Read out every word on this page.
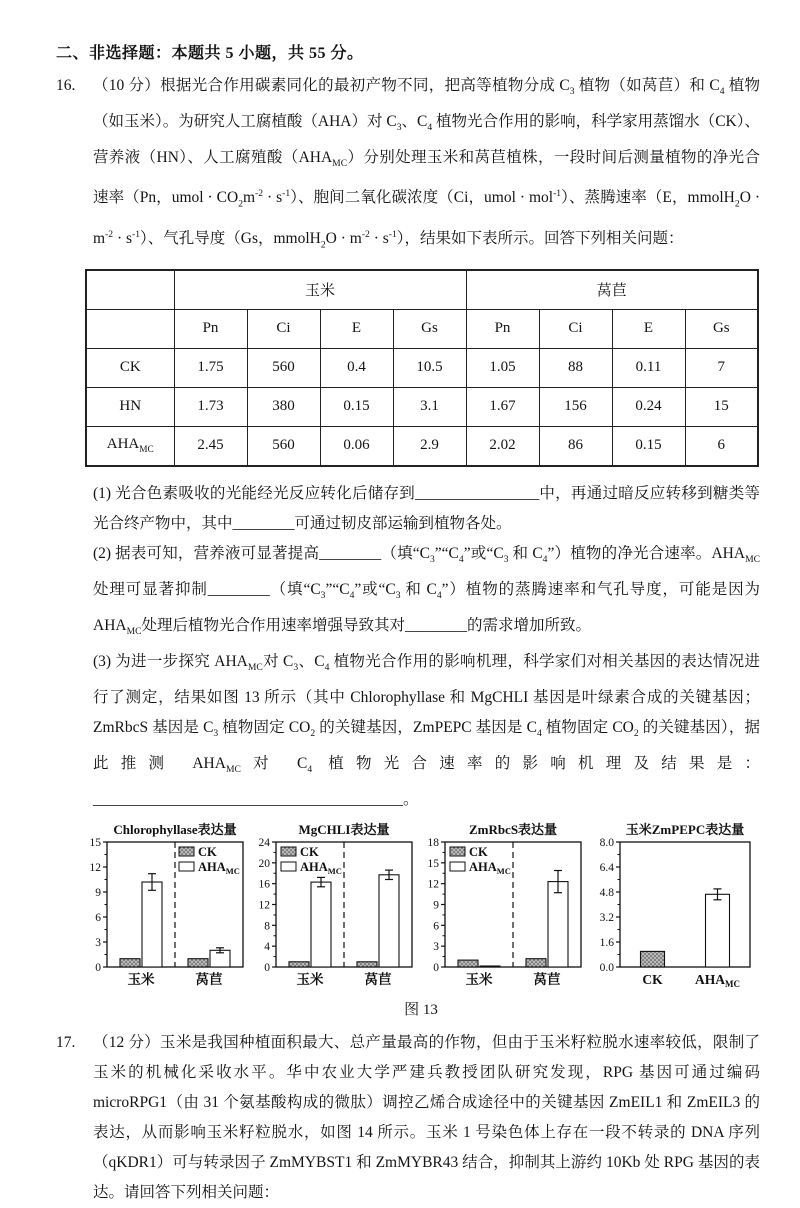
二、非选择题：本题共 5 小题，共 55 分。
16. （10 分）根据光合作用碳素同化的最初产物不同，把高等植物分成 $C_3$ 植物（如莴苣）和 $C_4$ 植物（如玉米）。为研究人工腐植酸（AHA）对 $C_3$、$C_4$ 植物光合作用的影响，科学家用蒸馏水（CK）、营养液（HN）、人工腐殖酸$(AHA_{MC})$分别处理玉米和莴苣植株，一段时间后测量植物的净光合速率（Pn，umol · $CO_2m^{-2} \cdot s^{-1}$）、胞间二氧化碳浓度（Ci，umol · mol$^{-1}$）、蒸腾速率（E，mmolH$_2$O · $m^{-2} \cdot s^{-1}$）、气孔导度（Gs，mmolH$_2$O · $m^{-2} \cdot s^{-1}$），结果如下表所示。回答下列相关问题：
	玉米				莴苣			
	Pn	Ci	E	Gs	Pn	Ci	E	Gs
CK	1.75	560	0.4	10.5	1.05	88	0.11	7
HN	1.73	380	0.15	3.1	1.67	156	0.24	15
$AHA_{MC}$	2.45	560	0.06	2.9	2.02	86	0.15	6
(1) 光合色素吸收的光能经光反应转化后储存到________________中，再通过暗反应转移到糖类等光合终产物中，其中________可通过韧皮部运输到植物各处。
(2) 据表可知，营养液可显著提高________（填“$C_3”“C_4$”或“$C_3$ 和 $C_4$”）植物的净光合速率。$AHA_{MC}$处理可显著抑制________（填“$C_3”“C_4$”或“$C_3$ 和 $C_4$”）植物的蒸腾速率和气孔导度，可能是因为 $AHA_{MC}$处理后植物光合作用速率增强导致其对________的需求增加所致。
(3) 为进一步探究 $AHA_{MC}$对 $C_3$、$C_4$ 植物光合作用的影响机理，科学家们对相关基因的表达情况进行了测定，结果如图 13 所示（其中 Chlorophyllase 和 MgCHLI 基因是叶绿素合成的关键基因；ZmRbcS 基因是 $C_3$ 植物固定 $CO_2$ 的关键基因，ZmPEPC 基因是 $C_4$ 植物固定 $CO_2$ 的关键基因），据此推测 $AHA_{MC}$对 $C_4$ 植物光合速率的影响机理及结果是：________________________________________。
Chlorophyllase表达量
0
3
6
9
12
15
玉米	莴苣
CK
$AHA_{MC}$
MgCHLI表达量
0
4
8
12
16
20
24
玉米	莴苣
CK
$AHA_{MC}$
ZmRbcS表达量
0
3
6
9
12
15
18
玉米	莴苣
CK
$AHA_{MC}$
玉米ZmPEPC表达量
0.0
1.6
3.2
4.8
6.4
8.0
CK $AHA_{MC}$
图 13
17. （12 分）玉米是我国种植面积最大、总产量最高的作物，但由于玉米籽粒脱水速率较低，限制了玉米的机械化采收水平。华中农业大学严建兵教授团队研究发现，RPG 基因可通过编码 microRPG1（由 31 个氨基酸构成的微肽）调控乙烯合成途径中的关键基因 ZmEIL1 和 ZmEIL3 的表达，从而影响玉米籽粒脱水，如图 14 所示。玉米 1 号染色体上存在一段不转录的 DNA 序列（qKDR1）可与转录因子 ZmMYBST1 和 ZmMYBR43 结合，抑制其上游约 10Kb 处 RPG 基因的表达。请回答下列相关问题：
